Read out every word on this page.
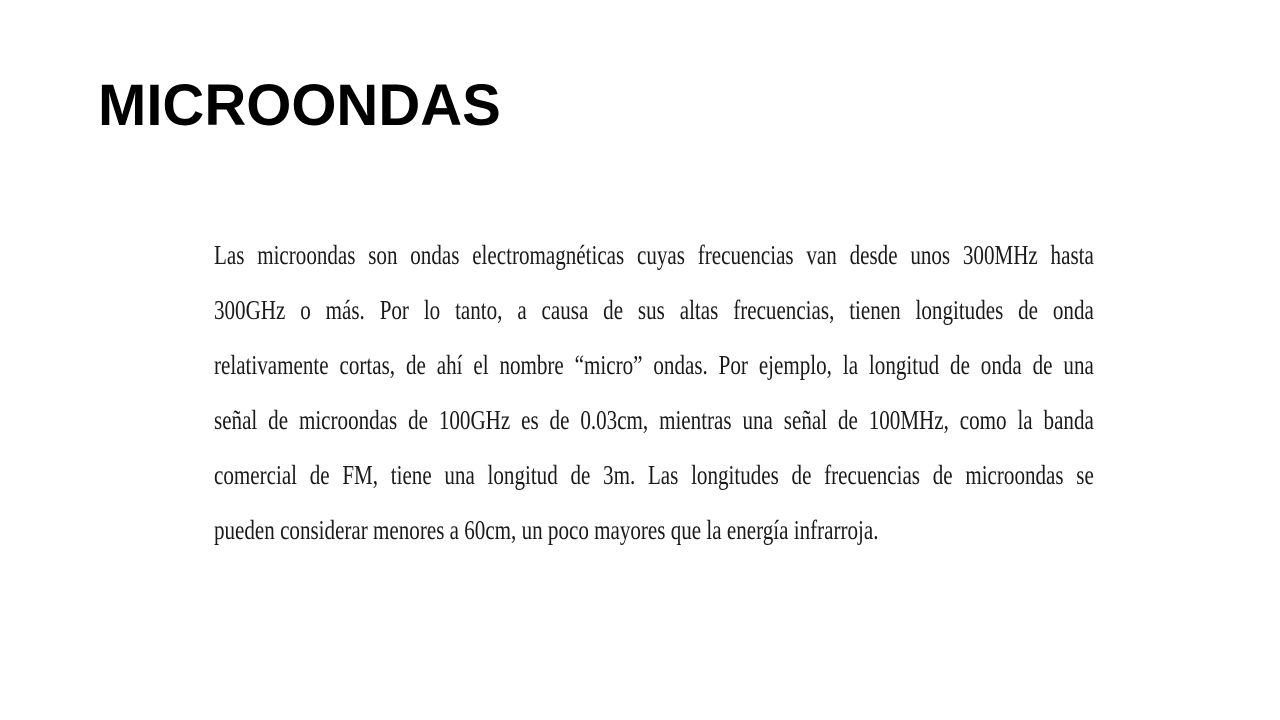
MICROONDAS

Las microondas son ondas electromagnéticas cuyas frecuencias van desde unos 300MHz hasta
300GHz o más. Por lo tanto, a causa de sus altas frecuencias, tienen longitudes de onda
relativamente cortas, de ahí el nombre “micro” ondas. Por ejemplo, la longitud de onda de una
señal de microondas de 100GHz es de 0.03cm, mientras una señal de 100MHz, como la banda
comercial de FM, tiene una longitud de 3m. Las longitudes de frecuencias de microondas se
pueden considerar menores a 60cm, un poco mayores que la energía infrarroja.
